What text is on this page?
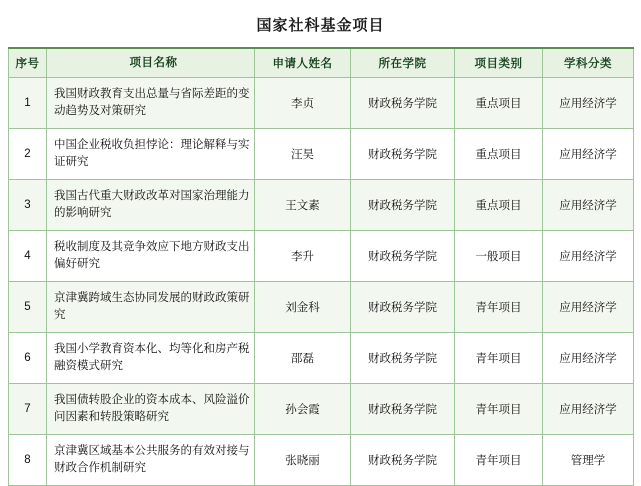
国家社科基金项目
序号	项目名称	申请人姓名	所在学院	项目类别	学科分类
1	我国财政教育支出总量与省际差距的变动趋势及对策研究	李贞	财政税务学院	重点项目	应用经济学
2	中国企业税收负担悖论：理论解释与实证研究	汪昊	财政税务学院	重点项目	应用经济学
3	我国古代重大财政改革对国家治理能力的影响研究	王文素	财政税务学院	重点项目	应用经济学
4	税收制度及其竞争效应下地方财政支出偏好研究	李升	财政税务学院	一般项目	应用经济学
5	京津冀跨域生态协同发展的财政政策研究	刘金科	财政税务学院	青年项目	应用经济学
6	我国小学教育资本化、均等化和房产税融资模式研究	邵磊	财政税务学院	青年项目	应用经济学
7	我国债转股企业的资本成本、风险溢价问因素和转股策略研究	孙会霞	财政税务学院	青年项目	应用经济学
8	京津冀区域基本公共服务的有效对接与财政合作机制研究	张晓丽	财政税务学院	青年项目	管理学
